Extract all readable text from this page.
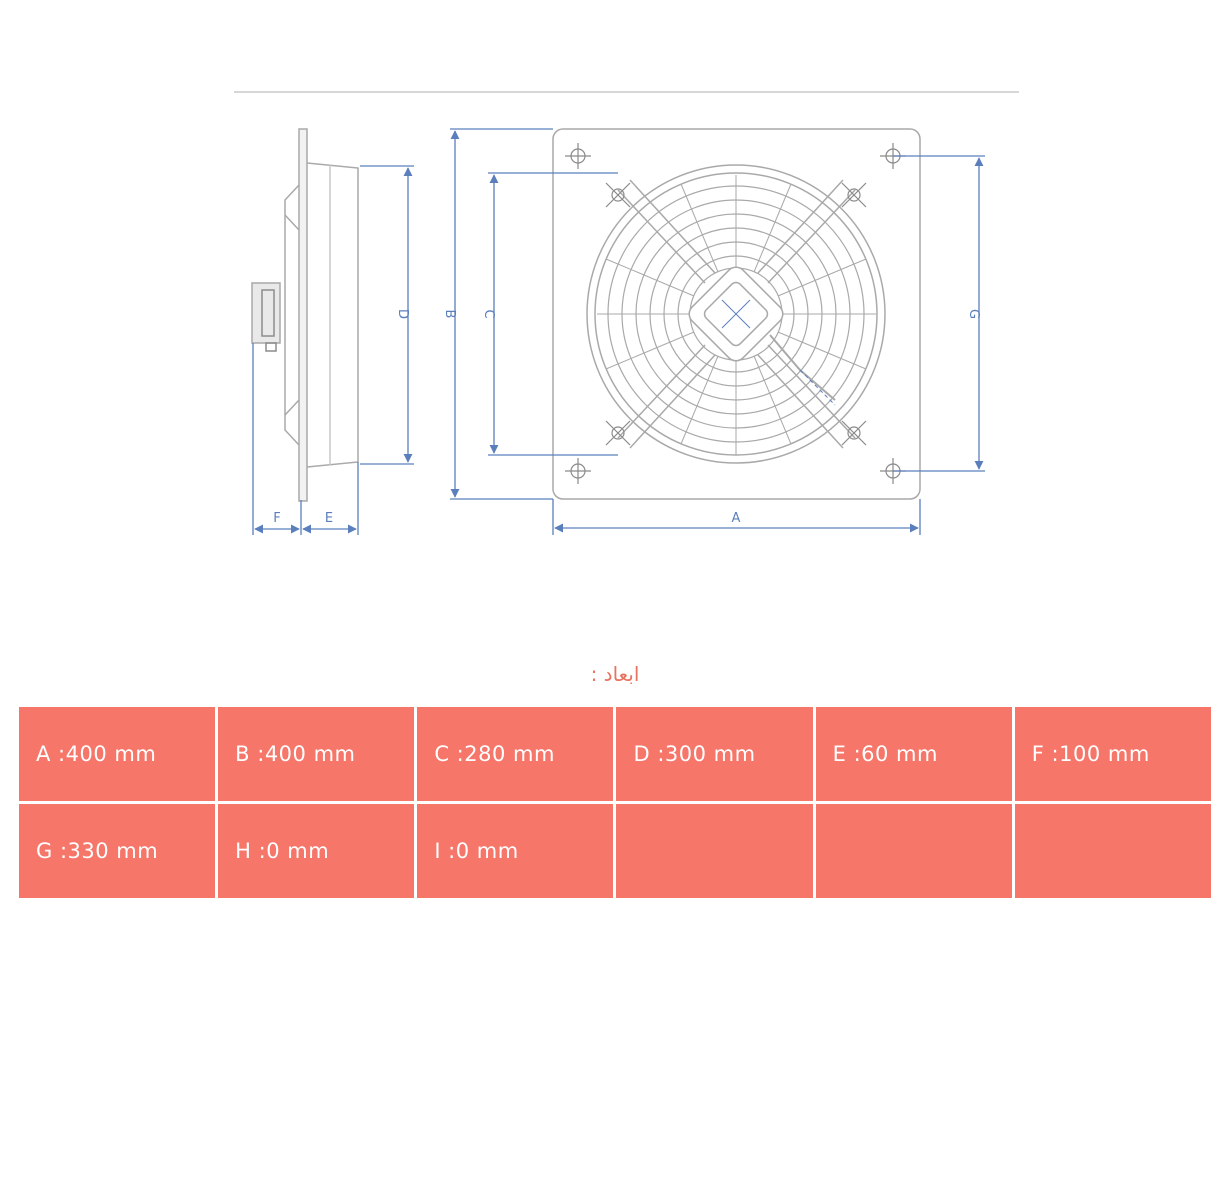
A
F	E
B C
D	G
ابعاد :
A :400 mm	B :400 mm	C :280 mm	D :300 mm	E :60 mm	F :100 mm
G :330 mm	H :0 mm	I :0 mm			
